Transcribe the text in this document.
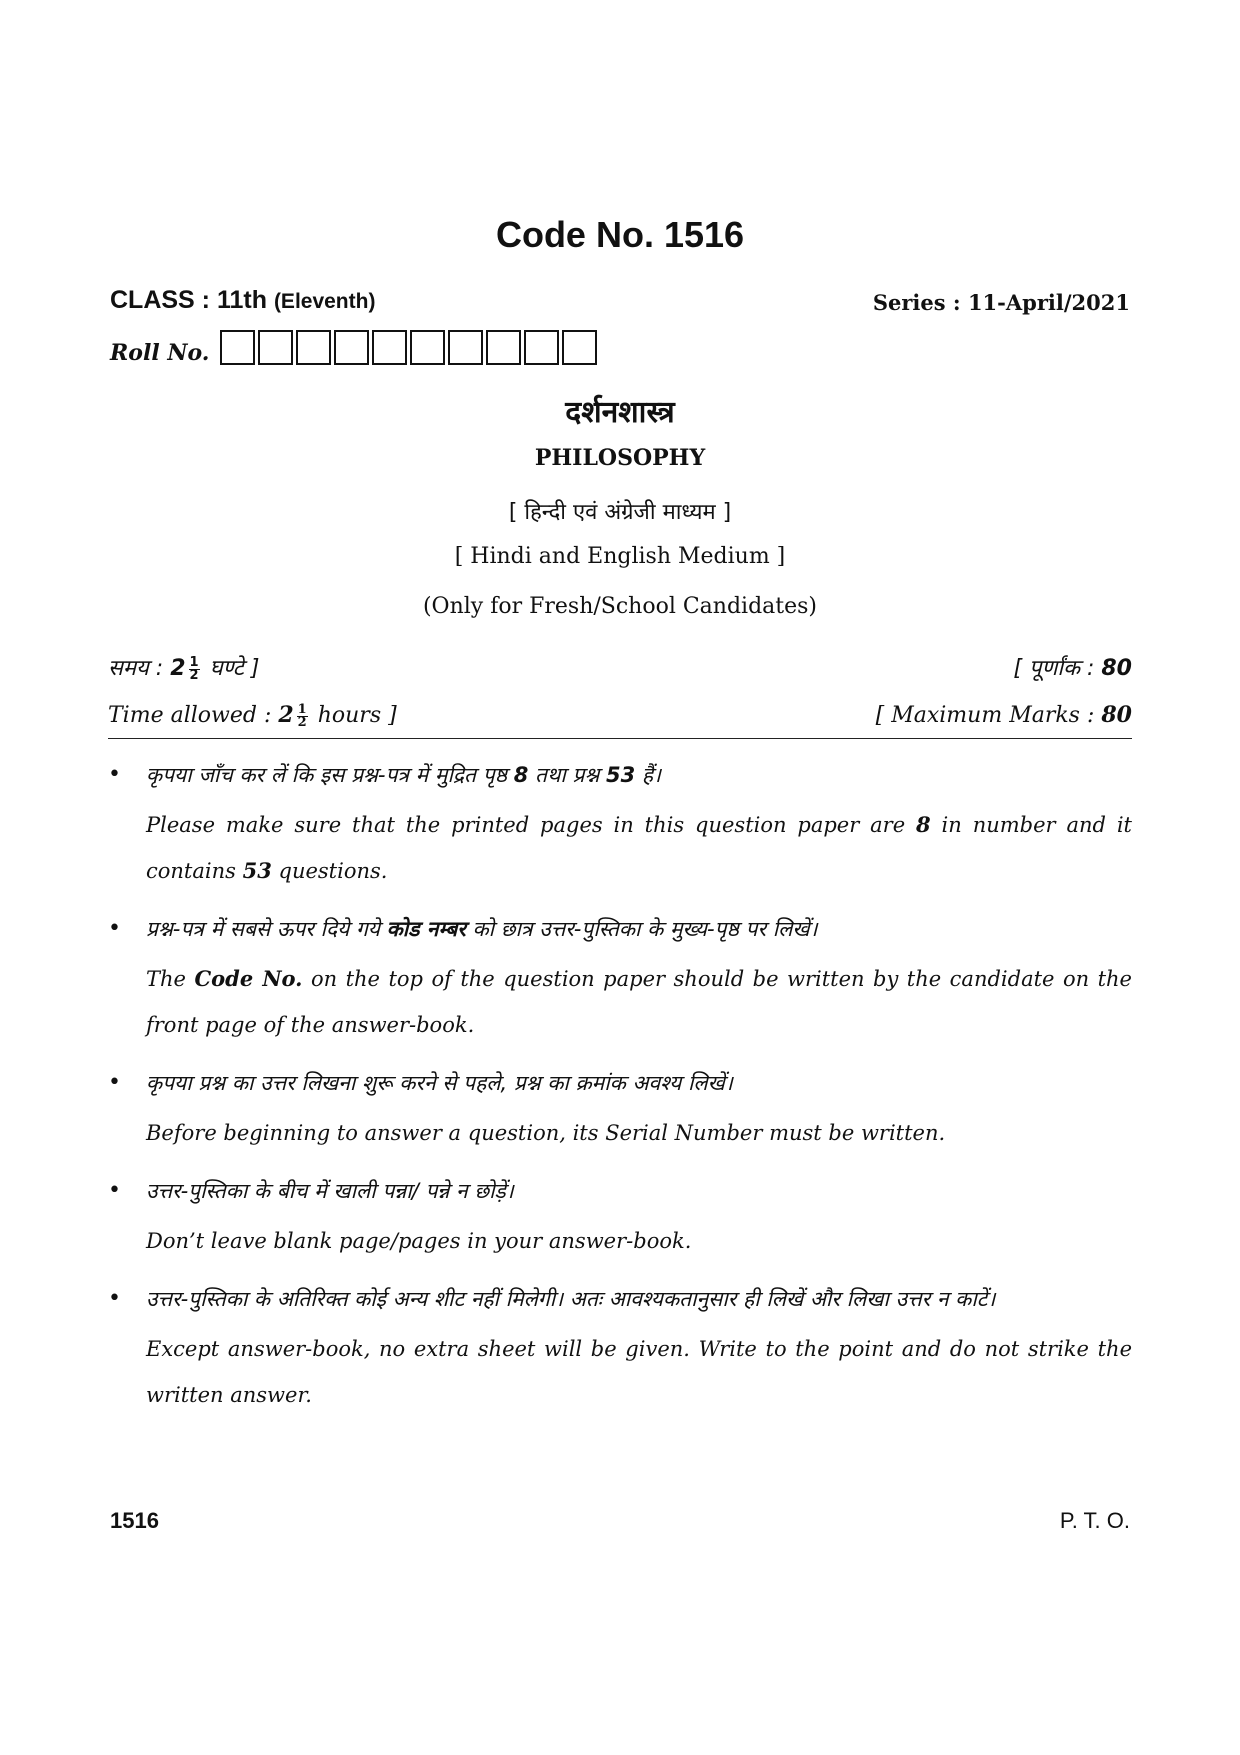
Code No. 1516
CLASS : 11th (Eleventh)	Series : 11-April/2021
Roll No.
दर्शनशास्त्र
PHILOSOPHY
[ हिन्दी एवं अंग्रेजी माध्यम ]
[ Hindi and English Medium ]
(Only for Fresh/School Candidates)
समय : $2 \frac{1}{2}$ घण्टे ]	[ पूर्णांक : 80
Time allowed : $2 \frac{1}{2}$ hours ]	[ Maximum Marks : 80
• कृपया जाँच कर लें कि इस प्रश्न-पत्र में मुद्रित पृष्ठ 8 तथा प्रश्न 53 हैं।
Please make sure that the printed pages in this question paper are 8 in number and it contains 53 questions.
• प्रश्न-पत्र में सबसे ऊपर दिये गये कोड नम्बर को छात्र उत्तर-पुस्तिका के मुख्य-पृष्ठ पर लिखें।
The Code No. on the top of the question paper should be written by the candidate on the front page of the answer-book.
• कृपया प्रश्न का उत्तर लिखना शुरू करने से पहले, प्रश्न का क्रमांक अवश्य लिखें।
Before beginning to answer a question, its Serial Number must be written.
• उत्तर-पुस्तिका के बीच में खाली पन्ना/ पन्ने न छोड़ें।
Don’t leave blank page/pages in your answer-book.
• उत्तर-पुस्तिका के अतिरिक्त कोई अन्य शीट नहीं मिलेगी। अतः आवश्यकतानुसार ही लिखें और लिखा उत्तर न काटें।
Except answer-book, no extra sheet will be given. Write to the point and do not strike the written answer.
1516	P. T. O.
